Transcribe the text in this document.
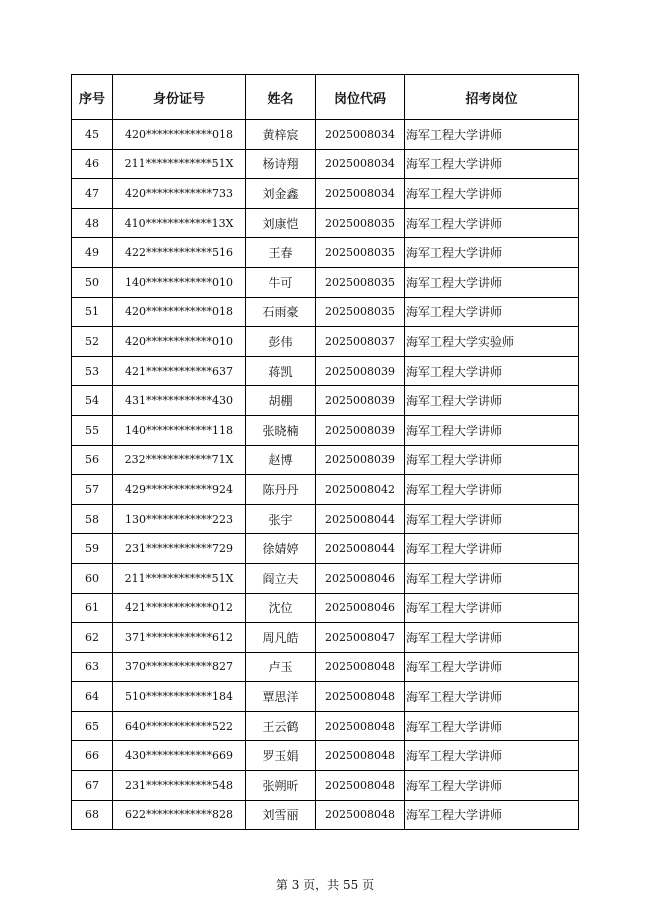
序号	身份证号	姓名	岗位代码	招考岗位
45	420************018	黄梓宸	2025008034	海军工程大学讲师
46	211************51X	杨诗翔	2025008034	海军工程大学讲师
47	420************733	刘金鑫	2025008034	海军工程大学讲师
48	410************13X	刘康恺	2025008035	海军工程大学讲师
49	422************516	王春	2025008035	海军工程大学讲师
50	140************010	牛可	2025008035	海军工程大学讲师
51	420************018	石雨豪	2025008035	海军工程大学讲师
52	420************010	彭伟	2025008037	海军工程大学实验师
53	421************637	蒋凯	2025008039	海军工程大学讲师
54	431************430	胡棚	2025008039	海军工程大学讲师
55	140************118	张晓楠	2025008039	海军工程大学讲师
56	232************71X	赵博	2025008039	海军工程大学讲师
57	429************924	陈丹丹	2025008042	海军工程大学讲师
58	130************223	张宇	2025008044	海军工程大学讲师
59	231************729	徐婧婷	2025008044	海军工程大学讲师
60	211************51X	阎立夫	2025008046	海军工程大学讲师
61	421************012	沈位	2025008046	海军工程大学讲师
62	371************612	周凡皓	2025008047	海军工程大学讲师
63	370************827	卢玉	2025008048	海军工程大学讲师
64	510************184	覃思洋	2025008048	海军工程大学讲师
65	640************522	王云鹤	2025008048	海军工程大学讲师
66	430************669	罗玉娟	2025008048	海军工程大学讲师
67	231************548	张朔昕	2025008048	海军工程大学讲师
68	622************828	刘雪丽	2025008048	海军工程大学讲师
第 3 页，共 55 页
